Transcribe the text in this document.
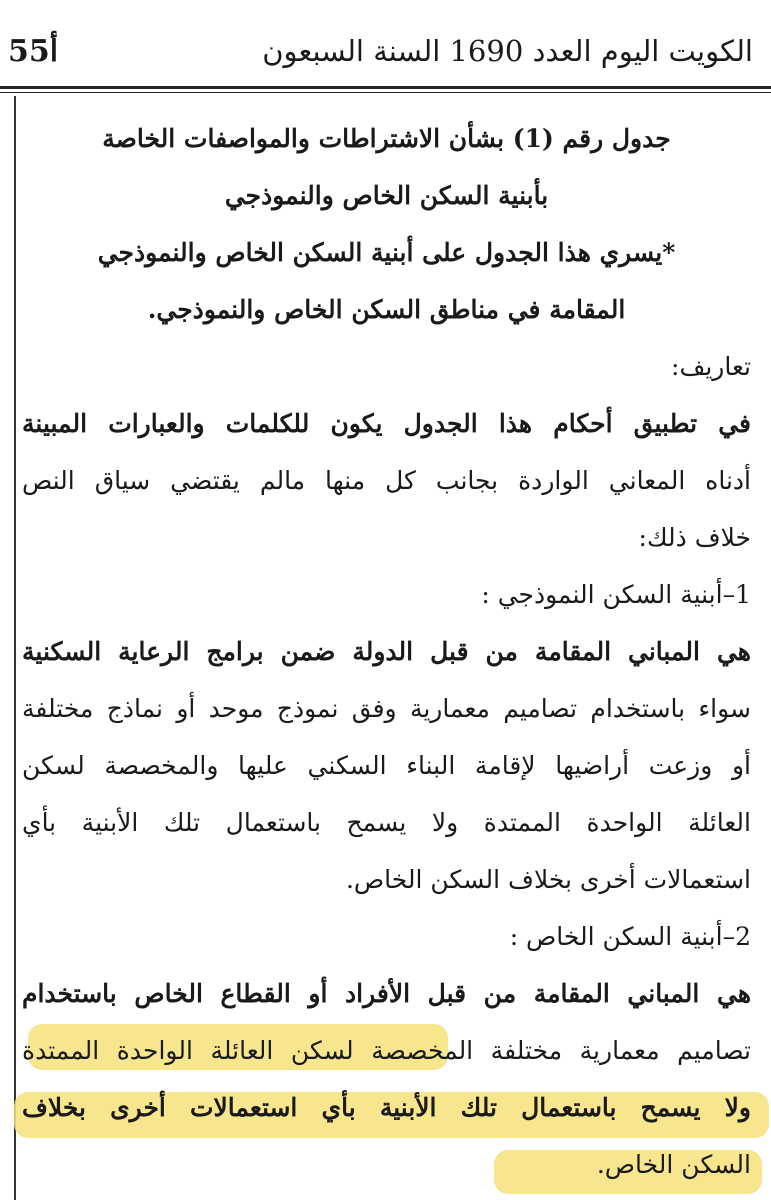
55أ	الكويت اليوم العدد 1690 السنة السبعون
جدول رقم (1) بشأن الاشتراطات والمواصفات الخاصة
بأبنية السكن الخاص والنموذجي
*يسري هذا الجدول على أبنية السكن الخاص والنموذجي
المقامة في مناطق السكن الخاص والنموذجي.
تعاريف:
في تطبيق أحكام هذا الجدول يكون للكلمات والعبارات المبينة
أدناه المعاني الواردة بجانب كل منها مالم يقتضي سياق النص
خلاف ذلك:
1–أبنية السكن النموذجي :
هي المباني المقامة من قبل الدولة ضمن برامج الرعاية السكنية
سواء باستخدام تصاميم معمارية وفق نموذج موحد أو نماذج مختلفة
أو وزعت أراضيها لإقامة البناء السكني عليها والمخصصة لسكن
العائلة الواحدة الممتدة ولا يسمح باستعمال تلك الأبنية بأي
استعمالات أخرى بخلاف السكن الخاص.
2–أبنية السكن الخاص :
هي المباني المقامة من قبل الأفراد أو القطاع الخاص باستخدام
تصاميم معمارية مختلفة المخصصة لسكن العائلة الواحدة الممتدة
ولا يسمح باستعمال تلك الأبنية بأي استعمالات أخرى بخلاف
السكن الخاص.
